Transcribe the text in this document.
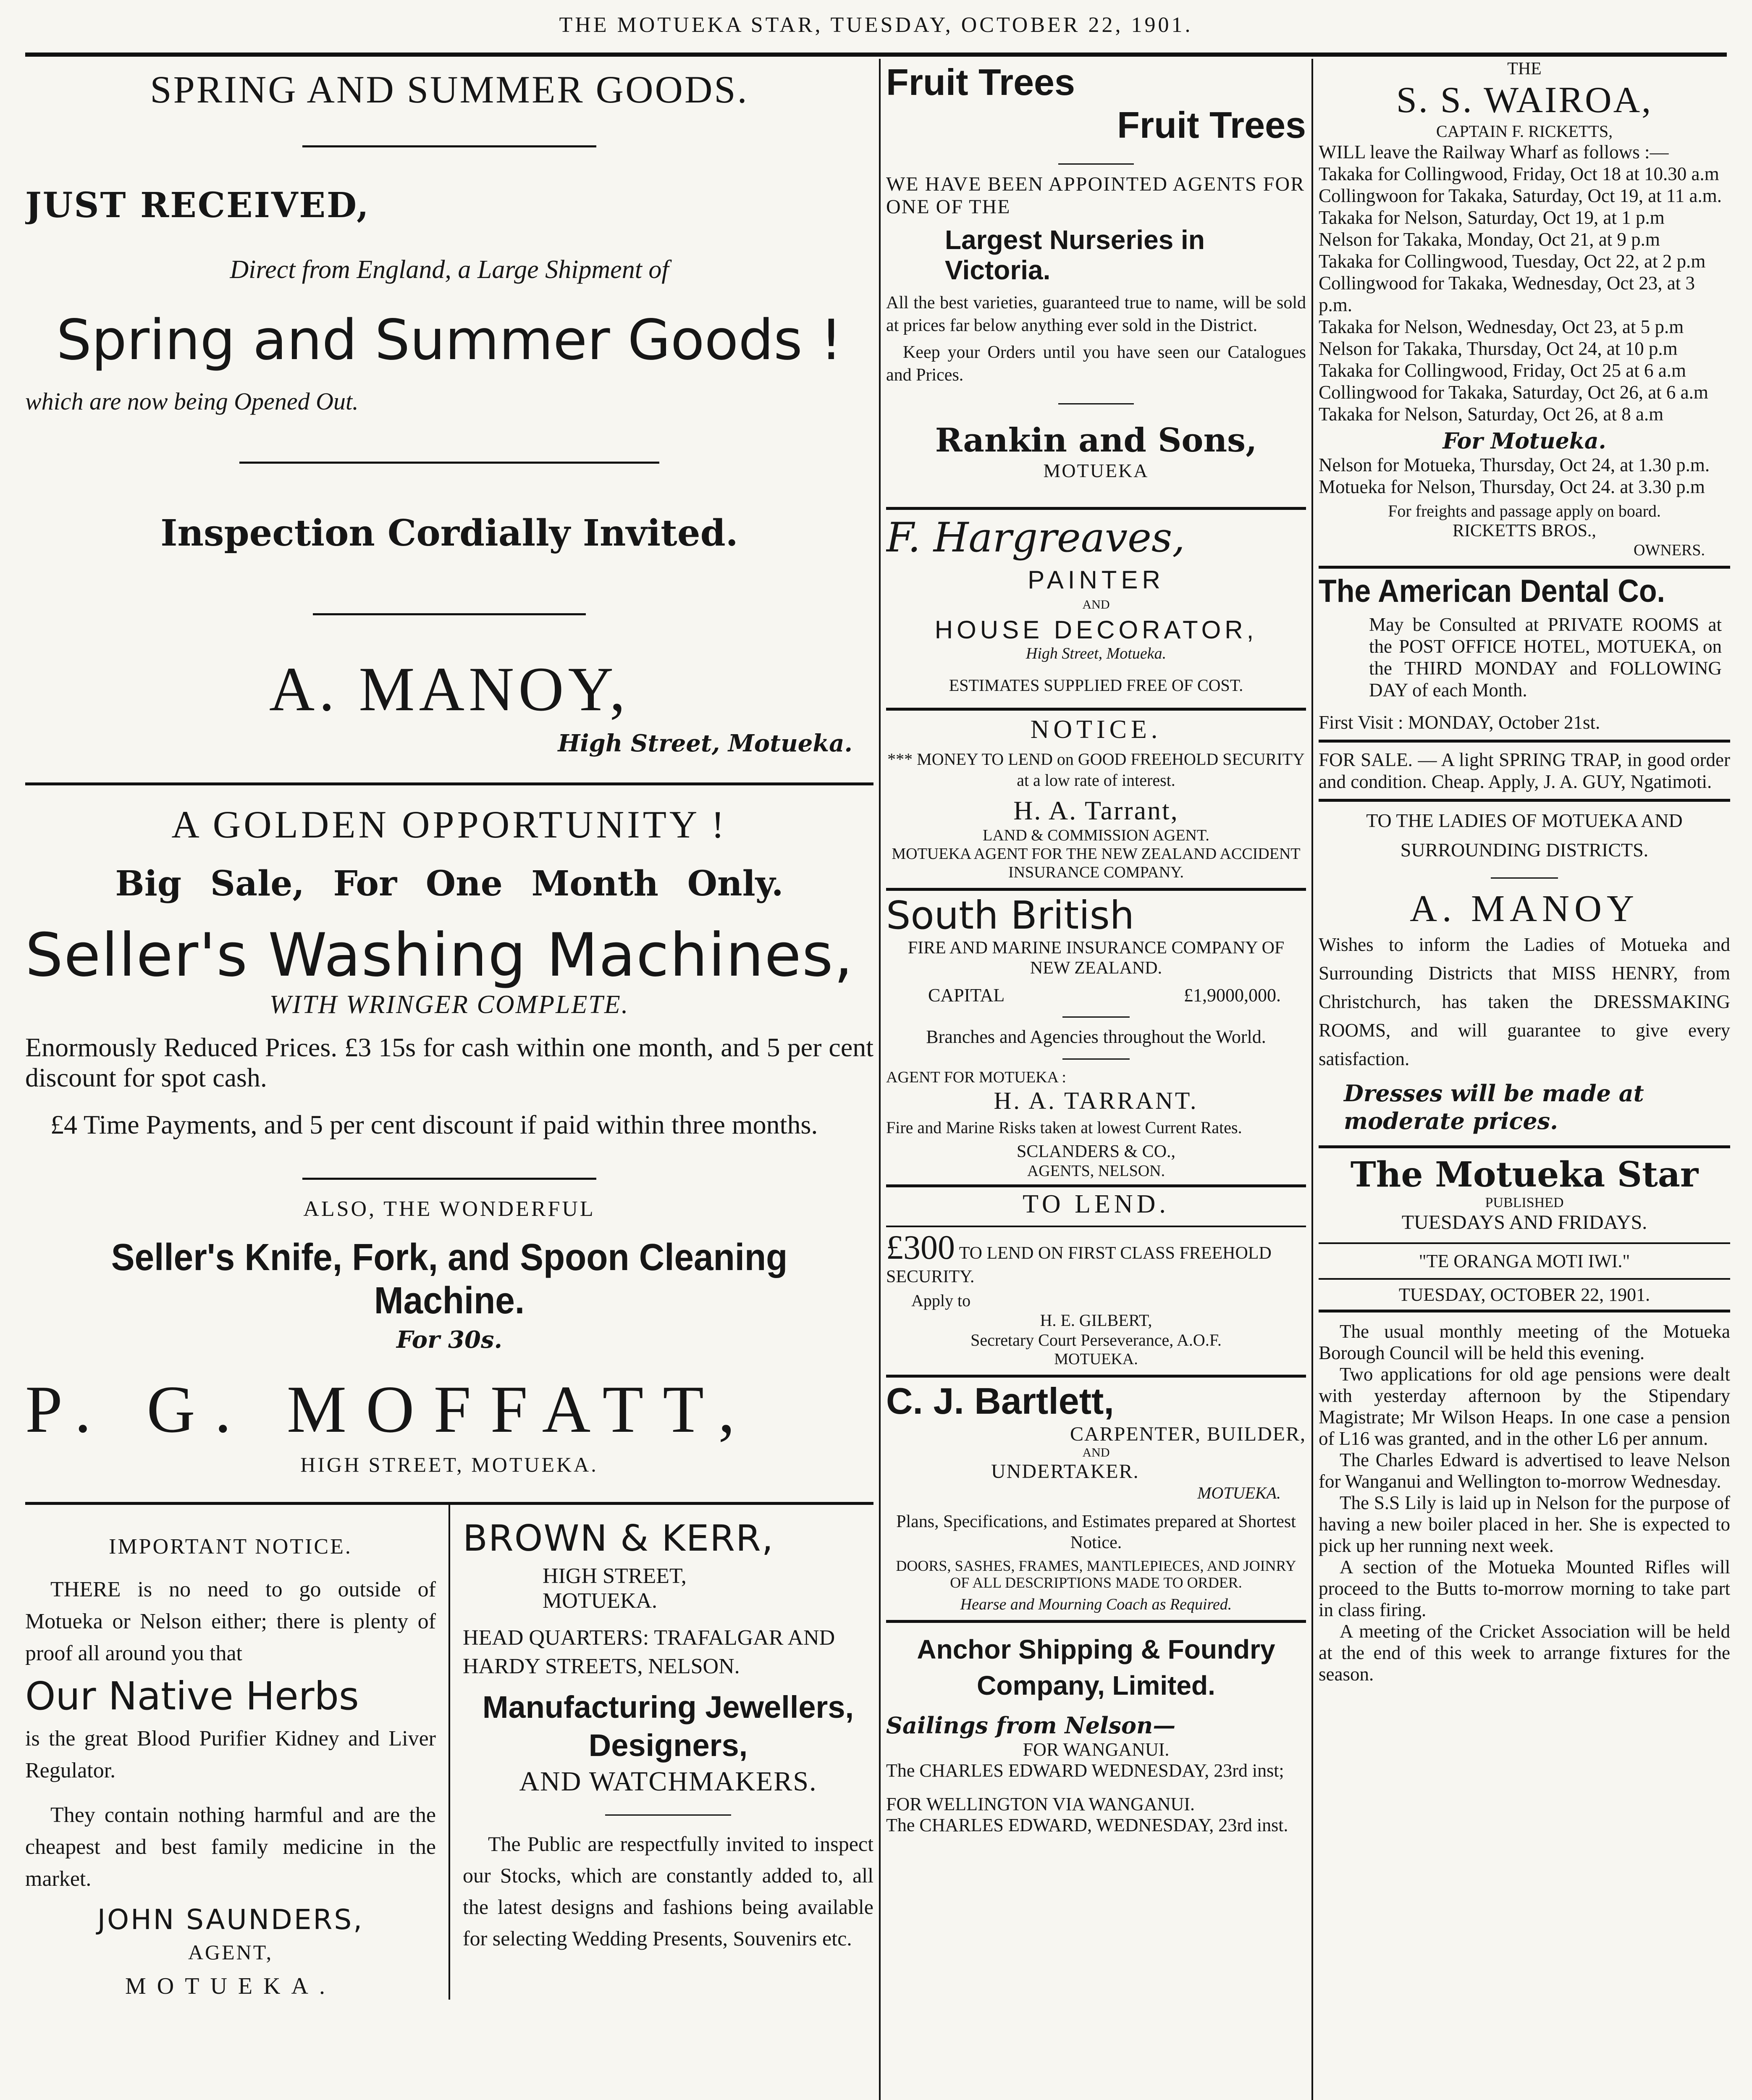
THE MOTUEKA STAR, TUESDAY, OCTOBER 22, 1901.

SPRING AND SUMMER GOODS.

JUST RECEIVED,

Direct from England, a Large Shipment of

Spring and Summer Goods !

which are now being Opened Out.

Inspection Cordially Invited.

A. MANOY,

High Street, Motueka.

A GOLDEN OPPORTUNITY !

Big Sale, For One Month Only.

Seller's Washing Machines,

WITH WRINGER COMPLETE.

Enormously Reduced Prices. £3 15s for cash within one month, and 5 per cent discount for spot cash.

£4 Time Payments, and 5 per cent discount if paid within three months.

ALSO, THE WONDERFUL

Seller's Knife, Fork, and Spoon Cleaning Machine.

For 30s.

P. G. MOFFATT,

HIGH STREET, MOTUEKA.

IMPORTANT NOTICE.

THERE is no need to go outside of Motueka or Nelson either; there is plenty of proof all around you that

Our Native Herbs

is the great Blood Purifier Kidney and Liver Regulator.

They contain nothing harmful and are the cheapest and best family medicine in the market.

JOHN SAUNDERS,

AGENT,

MOTUEKA.

BROWN & KERR,

HIGH STREET,

MOTUEKA.

HEAD QUARTERS: TRAFALGAR AND HARDY STREETS, NELSON.

Manufacturing Jewellers,

Designers,

AND WATCHMAKERS.

The Public are respectfully invited to inspect our Stocks, which are constantly added to, all the latest designs and fashions being available for selecting Wedding Presents, Souvenirs etc.

Fruit Trees

Fruit Trees

WE HAVE BEEN APPOINTED AGENTS FOR ONE OF THE

Largest Nurseries in Victoria.

All the best varieties, guaranteed true to name, will be sold at prices far below anything ever sold in the District.

Keep your Orders until you have seen our Catalogues and Prices.

Rankin and Sons,

MOTUEKA

F. Hargreaves,

PAINTER

AND

HOUSE DECORATOR,

High Street, Motueka.

ESTIMATES SUPPLIED FREE OF COST.

NOTICE.

*** MONEY TO LEND on GOOD FREEHOLD SECURITY at a low rate of interest.

H. A. Tarrant,

LAND & COMMISSION AGENT.

MOTUEKA AGENT FOR THE NEW ZEALAND ACCIDENT INSURANCE COMPANY.

South British

FIRE AND MARINE INSURANCE COMPANY OF NEW ZEALAND.

CAPITAL	£1,9000,000.

Branches and Agencies throughout the World.

AGENT FOR MOTUEKA :

H. A. TARRANT.

Fire and Marine Risks taken at lowest Current Rates.

SCLANDERS & CO.,

AGENTS, NELSON.

TO LEND.

£300 TO LEND ON FIRST CLASS FREEHOLD SECURITY.

Apply to

H. E. GILBERT,

Secretary Court Perseverance, A.O.F.

MOTUEKA.

C. J. Bartlett,

CARPENTER, BUILDER,

AND

UNDERTAKER.

MOTUEKA.

Plans, Specifications, and Estimates prepared at Shortest Notice.

DOORS, SASHES, FRAMES, MANTLEPIECES, AND JOINRY OF ALL DESCRIPTIONS MADE TO ORDER.

Hearse and Mourning Coach as Required.

Anchor Shipping & Foundry Company, Limited.

Sailings from Nelson—

FOR WANGANUI.

The CHARLES EDWARD WEDNESDAY, 23rd inst;

FOR WELLINGTON VIA WANGANUI.

The CHARLES EDWARD, WEDNESDAY, 23rd inst.

THE

S. S. WAIROA,

CAPTAIN F. RICKETTS,

WILL leave the Railway Wharf as follows :—

Takaka for Collingwood, Friday, Oct 18 at 10.30 a.m

Collingwoon for Takaka, Saturday, Oct 19, at 11 a.m.

Takaka for Nelson, Saturday, Oct 19, at 1 p.m

Nelson for Takaka, Monday, Oct 21, at 9 p.m

Takaka for Collingwood, Tuesday, Oct 22, at 2 p.m

Collingwood for Takaka, Wednesday, Oct 23, at 3 p.m.

Takaka for Nelson, Wednesday, Oct 23, at 5 p.m

Nelson for Takaka, Thursday, Oct 24, at 10 p.m

Takaka for Collingwood, Friday, Oct 25 at 6 a.m

Collingwood for Takaka, Saturday, Oct 26, at 6 a.m

Takaka for Nelson, Saturday, Oct 26, at 8 a.m

For Motueka.

Nelson for Motueka, Thursday, Oct 24, at 1.30 p.m.

Motueka for Nelson, Thursday, Oct 24. at 3.30 p.m

For freights and passage apply on board.

RICKETTS BROS.,

OWNERS.

The American Dental Co.

May be Consulted at PRIVATE ROOMS at the POST OFFICE HOTEL, MOTUEKA, on the THIRD MONDAY and FOLLOWING DAY of each Month.

First Visit : MONDAY, October 21st.

FOR SALE. — A light SPRING TRAP, in good order and condition. Cheap. Apply, J. A. GUY, Ngatimoti.

TO THE LADIES OF MOTUEKA AND SURROUNDING DISTRICTS.

A. MANOY

Wishes to inform the Ladies of Motueka and Surrounding Districts that MISS HENRY, from Christchurch, has taken the DRESSMAKING ROOMS, and will guarantee to give every satisfaction.

Dresses will be made at moderate prices.

The Motueka Star

PUBLISHED

TUESDAYS AND FRIDAYS.

"TE ORANGA MOTI IWI."

TUESDAY, OCTOBER 22, 1901.

The usual monthly meeting of the Motueka Borough Council will be held this evening.

Two applications for old age pensions were dealt with yesterday afternoon by the Stipendary Magistrate; Mr Wilson Heaps. In one case a pension of L16 was granted, and in the other L6 per annum.

The Charles Edward is advertised to leave Nelson for Wanganui and Wellington to-morrow Wednesday.

The S.S Lily is laid up in Nelson for the purpose of having a new boiler placed in her. She is expected to pick up her running next week.

A section of the Motueka Mounted Rifles will proceed to the Butts to-morrow morning to take part in class firing.

A meeting of the Cricket Association will be held at the end of this week to arrange fixtures for the season.
